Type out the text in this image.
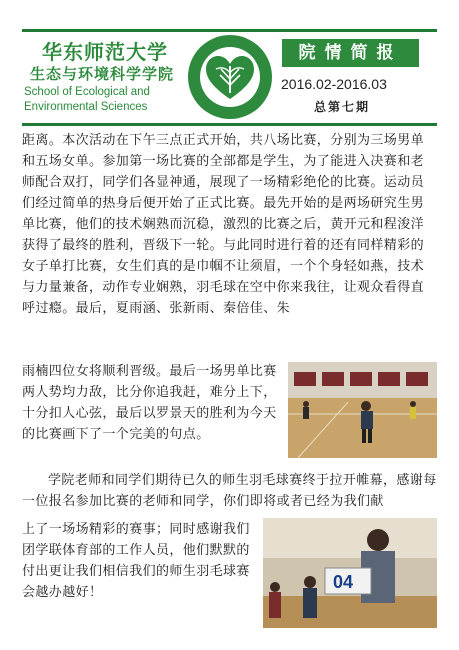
华东师范大学
生态与环境科学学院
School of Ecological and
Environmental Sciences
院情简报
2016.02-2016.03
总第七期

距离。本次活动在下午三点正式开始，共八场比赛，分别为三场男单和五场女单。参加第一场比赛的全部都是学生，为了能进入决赛和老师配合双打，同学们各显神通，展现了一场精彩绝伦的比赛。运动员们经过简单的热身后便开始了正式比赛。最先开始的是两场研究生男单比赛，他们的技术娴熟而沉稳，激烈的比赛之后，黄开元和程浚洋获得了最终的胜利，晋级下一轮。与此同时进行着的还有同样精彩的女子单打比赛，女生们真的是巾帼不让须眉，一个个身轻如燕，技术与力量兼备，动作专业娴熟，羽毛球在空中你来我往，让观众看得直呼过瘾。最后，夏雨涵、张新雨、秦倍佳、朱

雨楠四位女将顺利晋级。最后一场男单比赛两人势均力敌，比分你追我赶，难分上下，十分扣人心弦，最后以罗景天的胜利为今天的比赛画下了一个完美的句点。

学院老师和同学们期待已久的师生羽毛球赛终于拉开帷幕，感谢每一位报名参加比赛的老师和同学，你们即将或者已经为我们献

上了一场场精彩的赛事；同时感谢我们团学联体育部的工作人员，他们默默的付出更让我们相信我们的师生羽毛球赛会越办越好！

04
